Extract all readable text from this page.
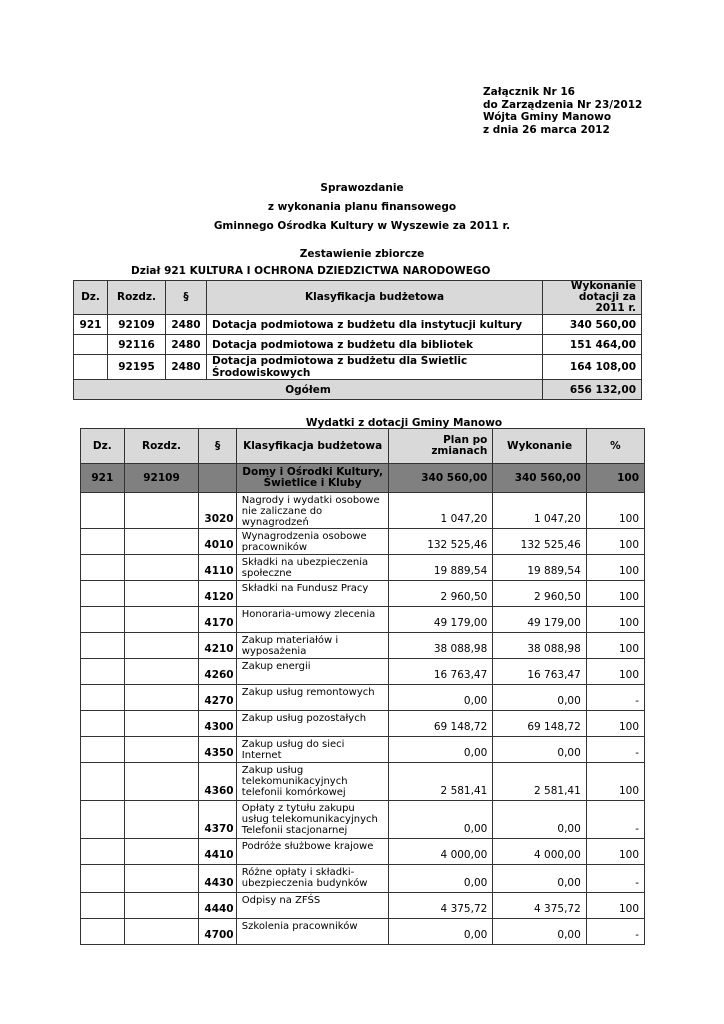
Załącznik Nr 16
do Zarządzenia Nr 23/2012
Wójta Gminy Manowo
z dnia 26 marca 2012
Sprawozdanie
z wykonania planu finansowego
Gminnego Ośrodka Kultury w Wyszewie za 2011 r.
Zestawienie zbiorcze
Dział 921 KULTURA I OCHRONA DZIEDZICTWA NARODOWEGO
Dz.	Rozdz.	§	Klasyfikacja budżetowa	Wykonanie dotacji za 2011 r.
921	92109	2480	Dotacja podmiotowa z budżetu dla instytucji kultury	340 560,00
	92116	2480	Dotacja podmiotowa z budżetu dla bibliotek	151 464,00
	92195	2480	Dotacja podmiotowa z budżetu dla Świetlic Środowiskowych	164 108,00
Ogółem				656 132,00
Wydatki z dotacji Gminy Manowo
Dz.	Rozdz.	§	Klasyfikacja budżetowa	Plan po zmianach	Wykonanie	%
921	92109		Domy i Ośrodki Kultury, Świetlice i Kluby	340 560,00	340 560,00	100
		3020	Nagrody i wydatki osobowe nie zaliczane do wynagrodzeń	1 047,20	1 047,20	100
		4010	Wynagrodzenia osobowe pracowników	132 525,46	132 525,46	100
		4110	Składki na ubezpieczenia społeczne	19 889,54	19 889,54	100
		4120	Składki na Fundusz Pracy	2 960,50	2 960,50	100
		4170	Honoraria-umowy zlecenia	49 179,00	49 179,00	100
		4210	Zakup materiałów i wyposażenia	38 088,98	38 088,98	100
		4260	Zakup energii	16 763,47	16 763,47	100
		4270	Zakup usług remontowych	0,00	0,00	-
		4300	Zakup usług pozostałych	69 148,72	69 148,72	100
		4350	Zakup usług do sieci Internet	0,00	0,00	-
		4360	Zakup usług telekomunikacyjnych telefonii komórkowej	2 581,41	2 581,41	100
		4370	Opłaty z tytułu zakupu usług telekomunikacyjnych Telefonii stacjonarnej	0,00	0,00	-
		4410	Podróże służbowe krajowe	4 000,00	4 000,00	100
		4430	Różne opłaty i składki-ubezpieczenia budynków	0,00	0,00	-
		4440	Odpisy na ZFŚS	4 375,72	4 375,72	100
		4700	Szkolenia pracowników	0,00	0,00	-
